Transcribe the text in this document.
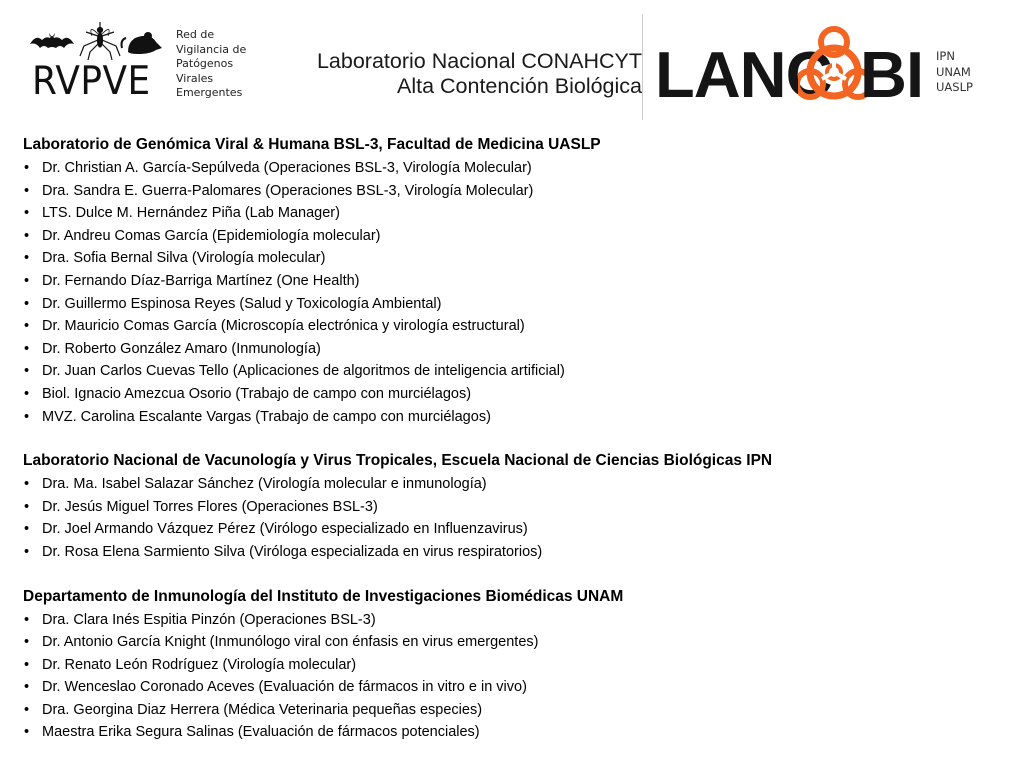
RVPVE
Red de
Vigilancia de
Patógenos
Virales
Emergentes
Laboratorio Nacional CONAHCYT
Alta Contención Biológica LANC BI IPN
UNAM
UASLP
Laboratorio de Genómica Viral & Humana BSL-3, Facultad de Medicina UASLP
• Dr. Christian A. García-Sepúlveda (Operaciones BSL-3, Virología Molecular)
• Dra. Sandra E. Guerra-Palomares (Operaciones BSL-3, Virología Molecular)
• LTS. Dulce M. Hernández Piña (Lab Manager)
• Dr. Andreu Comas García (Epidemiología molecular)
• Dra. Sofia Bernal Silva (Virología molecular)
• Dr. Fernando Díaz-Barriga Martínez (One Health)
• Dr. Guillermo Espinosa Reyes (Salud y Toxicología Ambiental)
• Dr. Mauricio Comas García (Microscopía electrónica y virología estructural)
• Dr. Roberto González Amaro (Inmunología)
• Dr. Juan Carlos Cuevas Tello (Aplicaciones de algoritmos de inteligencia artificial)
• Biol. Ignacio Amezcua Osorio (Trabajo de campo con murciélagos)
• MVZ. Carolina Escalante Vargas (Trabajo de campo con murciélagos)
Laboratorio Nacional de Vacunología y Virus Tropicales, Escuela Nacional de Ciencias Biológicas IPN
• Dra. Ma. Isabel Salazar Sánchez (Virología molecular e inmunología)
• Dr. Jesús Miguel Torres Flores (Operaciones BSL-3)
• Dr. Joel Armando Vázquez Pérez (Virólogo especializado en Influenzavirus)
• Dr. Rosa Elena Sarmiento Silva (Viróloga especializada en virus respiratorios)
Departamento de Inmunología del Instituto de Investigaciones Biomédicas UNAM
• Dra. Clara Inés Espitia Pinzón (Operaciones BSL-3)
• Dr. Antonio García Knight (Inmunólogo viral con énfasis en virus emergentes)
• Dr. Renato León Rodríguez (Virología molecular)
• Dr. Wenceslao Coronado Aceves (Evaluación de fármacos in vitro e in vivo)
• Dra. Georgina Diaz Herrera (Médica Veterinaria pequeñas especies)
• Maestra Erika Segura Salinas (Evaluación de fármacos potenciales)
